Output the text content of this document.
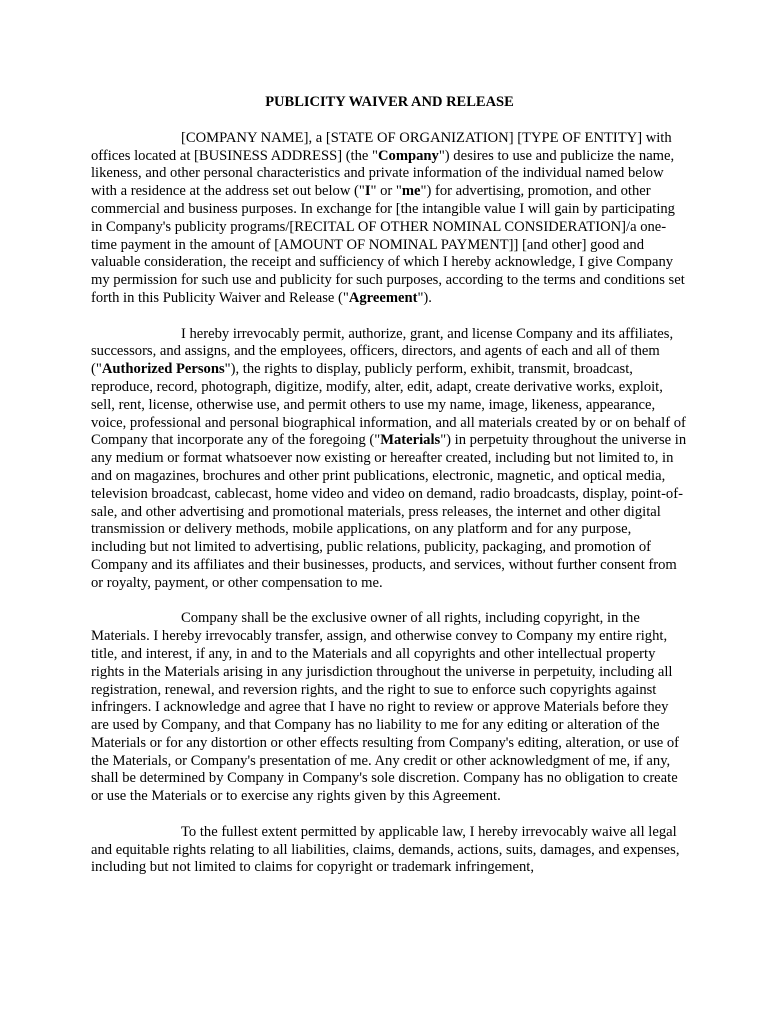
PUBLICITY WAIVER AND RELEASE

[COMPANY NAME], a [STATE OF ORGANIZATION] [TYPE OF ENTITY] with offices located at [BUSINESS ADDRESS] (the "Company") desires to use and publicize the name, likeness, and other personal characteristics and private information of the individual named below with a residence at the address set out below ("I" or "me") for advertising, promotion, and other commercial and business purposes. In exchange for [the intangible value I will gain by participating in Company's publicity programs/[RECITAL OF OTHER NOMINAL CONSIDERATION]/a one-time payment in the amount of [AMOUNT OF NOMINAL PAYMENT]] [and other] good and valuable consideration, the receipt and sufficiency of which I hereby acknowledge, I give Company my permission for such use and publicity for such purposes, according to the terms and conditions set forth in this Publicity Waiver and Release ("Agreement").

I hereby irrevocably permit, authorize, grant, and license Company and its affiliates, successors, and assigns, and the employees, officers, directors, and agents of each and all of them ("Authorized Persons"), the rights to display, publicly perform, exhibit, transmit, broadcast, reproduce, record, photograph, digitize, modify, alter, edit, adapt, create derivative works, exploit, sell, rent, license, otherwise use, and permit others to use my name, image, likeness, appearance, voice, professional and personal biographical information, and all materials created by or on behalf of Company that incorporate any of the foregoing ("Materials") in perpetuity throughout the universe in any medium or format whatsoever now existing or hereafter created, including but not limited to, in and on magazines, brochures and other print publications, electronic, magnetic, and optical media, television broadcast, cablecast, home video and video on demand, radio broadcasts, display, point-of-sale, and other advertising and promotional materials, press releases, the internet and other digital transmission or delivery methods, mobile applications, on any platform and for any purpose, including but not limited to advertising, public relations, publicity, packaging, and promotion of Company and its affiliates and their businesses, products, and services, without further consent from or royalty, payment, or other compensation to me.

Company shall be the exclusive owner of all rights, including copyright, in the Materials. I hereby irrevocably transfer, assign, and otherwise convey to Company my entire right, title, and interest, if any, in and to the Materials and all copyrights and other intellectual property rights in the Materials arising in any jurisdiction throughout the universe in perpetuity, including all registration, renewal, and reversion rights, and the right to sue to enforce such copyrights against infringers. I acknowledge and agree that I have no right to review or approve Materials before they are used by Company, and that Company has no liability to me for any editing or alteration of the Materials or for any distortion or other effects resulting from Company's editing, alteration, or use of the Materials, or Company's presentation of me. Any credit or other acknowledgment of me, if any, shall be determined by Company in Company's sole discretion. Company has no obligation to create or use the Materials or to exercise any rights given by this Agreement.

To the fullest extent permitted by applicable law, I hereby irrevocably waive all legal and equitable rights relating to all liabilities, claims, demands, actions, suits, damages, and expenses, including but not limited to claims for copyright or trademark infringement,
